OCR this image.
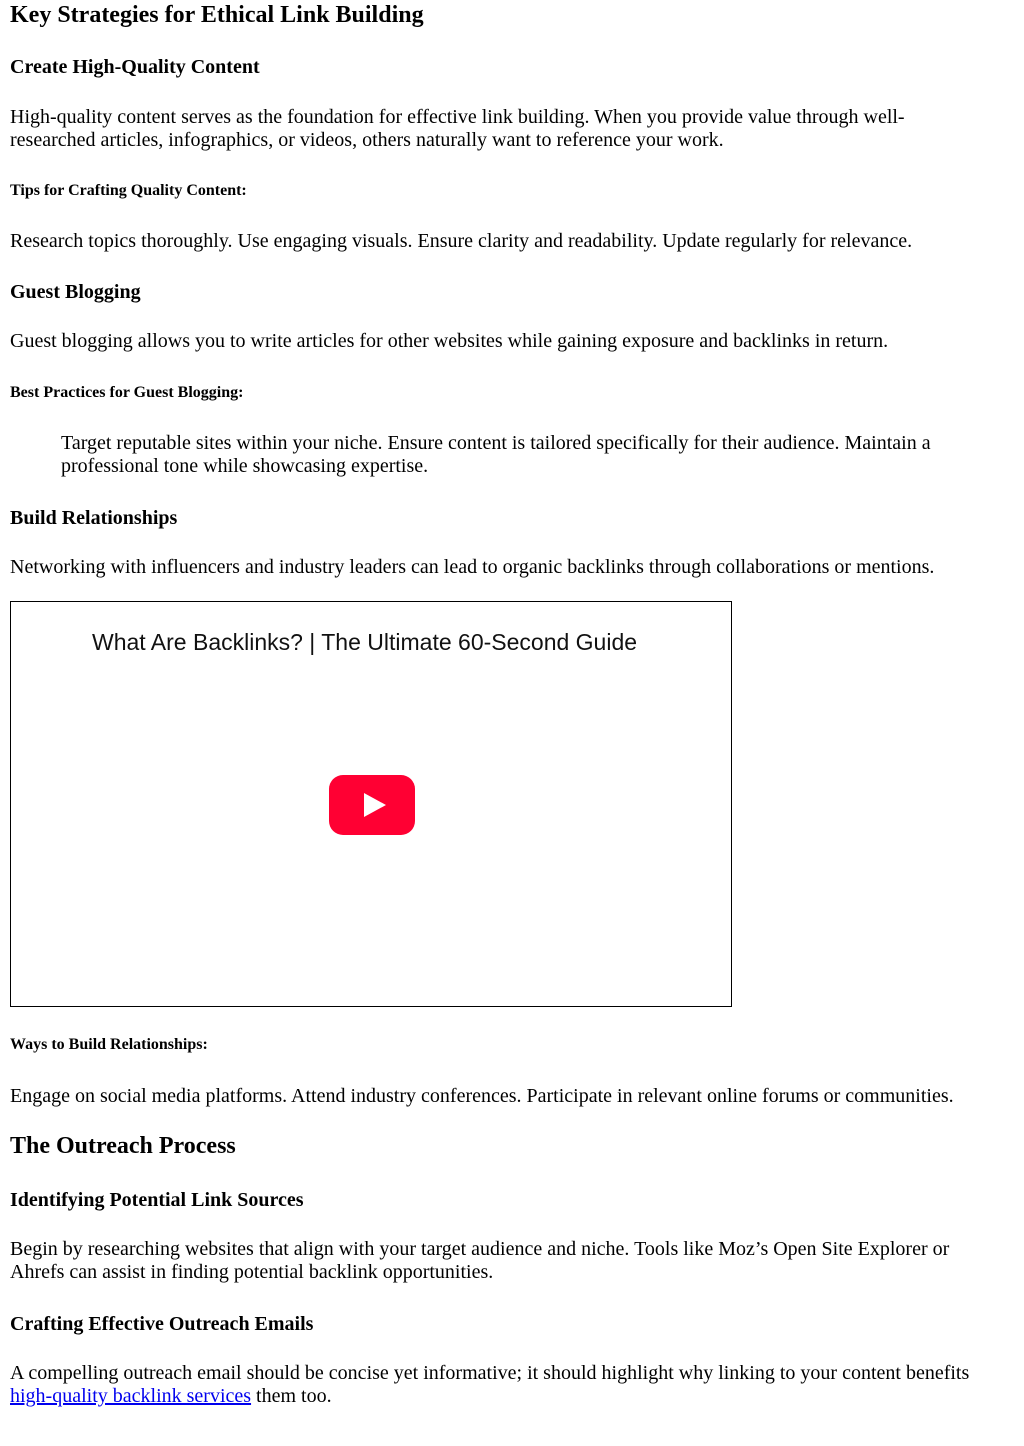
Key Strategies for Ethical Link Building
Create High-Quality Content

High-quality content serves as the foundation for effective link building. When you provide value through well-researched articles, infographics, or videos, others naturally want to reference your work.

Tips for Crafting Quality Content:

Research topics thoroughly. Use engaging visuals. Ensure clarity and readability. Update regularly for relevance.

Guest Blogging

Guest blogging allows you to write articles for other websites while gaining exposure and backlinks in return.

Best Practices for Guest Blogging:

Target reputable sites within your niche. Ensure content is tailored specifically for their audience. Maintain a professional tone while showcasing expertise.

Build Relationships

Networking with influencers and industry leaders can lead to organic backlinks through collaborations or mentions.

What Are Backlinks? | The Ultimate 60-Second Guide
Ways to Build Relationships:

Engage on social media platforms. Attend industry conferences. Participate in relevant online forums or communities.

The Outreach Process
Identifying Potential Link Sources

Begin by researching websites that align with your target audience and niche. Tools like Moz’s Open Site Explorer or Ahrefs can assist in finding potential backlink opportunities.

Crafting Effective Outreach Emails

A compelling outreach email should be concise yet informative; it should highlight why linking to your content benefits high-quality backlink services them too.
